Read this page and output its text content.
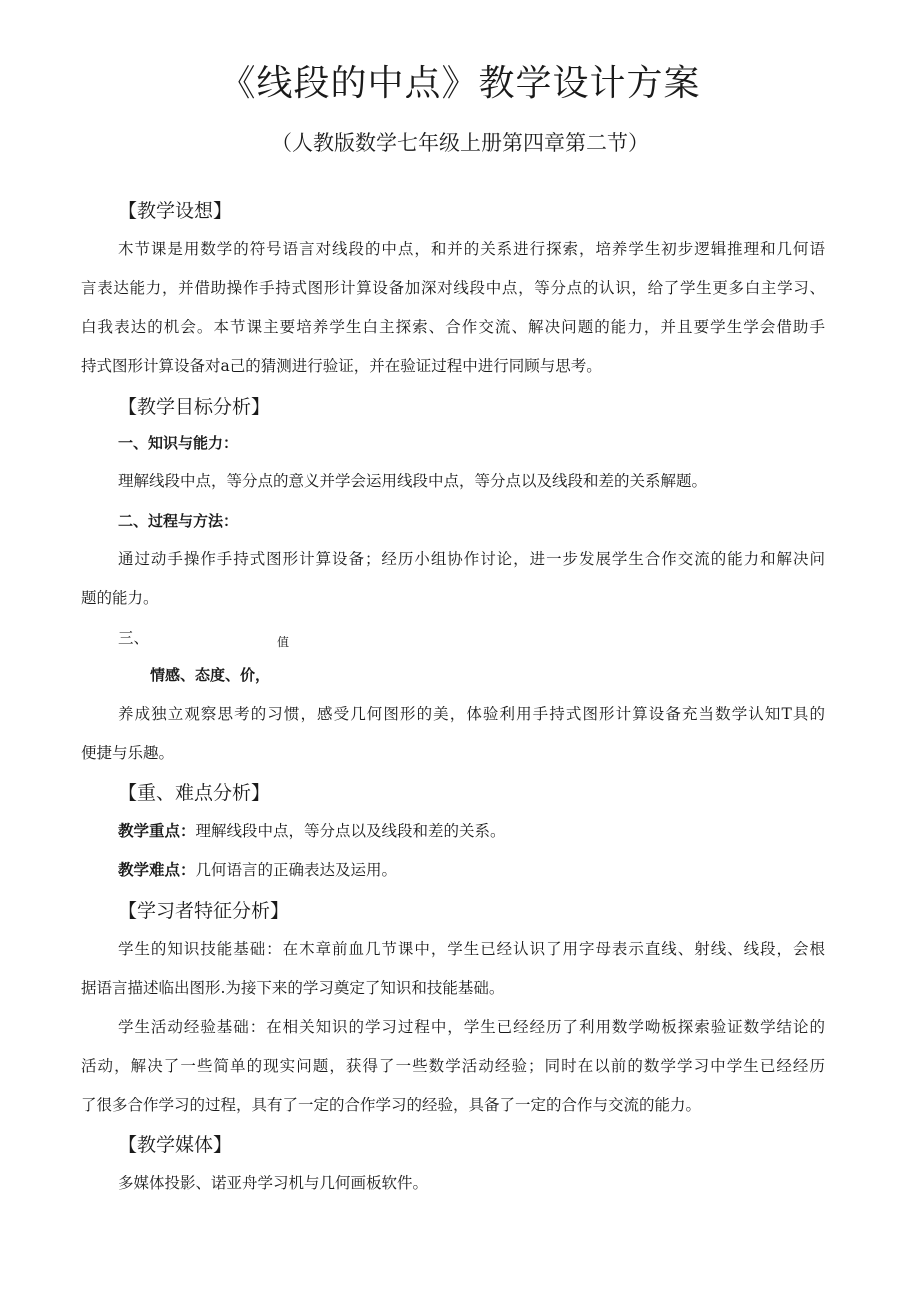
《线段的中点》教学设计方案
（人教版数学七年级上册第四章第二节）
【教学设想】
木节课是用数学的符号语言对线段的中点，和并的关系进行探索，培养学生初步逻辑推理和几何语
言表达能力，并借助操作手持式图形计算设备加深对线段中点，等分点的认识，给了学生更多白主学习、
白我表达的机会。本节课主要培养学生白主探索、合作交流、解决问题的能力，并且要学生学会借助手
持式图形计算设备对a己的猜测进行验证，并在验证过程中进行同顾与思考。
【教学目标分析】
一、知识与能力：
理解线段中点，等分点的意义并学会运用线段中点，等分点以及线段和差的关系解题。
二、过程与方法：
通过动手操作手持式图形计算设备；经历小组协作讨论，进一步发展学生合作交流的能力和解决问
题的能力。
三、	值
情感、态度、价，
养成独立观察思考的习惯，感受几何图形的美，体验利用手持式图形计算设备充当数学认知T具的
便捷与乐趣。
【重、难点分析】
教学重点：理解线段中点，等分点以及线段和差的关系。
教学难点：几何语言的正确表达及运用。
【学习者特征分析】
学生的知识技能基础：在木章前血几节课中，学生已经认识了用字母表示直线、射线、线段，会根
据语言描述临出图形.为接下来的学习奠定了知识和技能基础。
学生活动经验基础：在相关知识的学习过程中，学生已经经历了利用数学呦板探索验证数学结论的
活动，解决了一些简单的现实问题，获得了一些数学活动经验；同时在以前的数学学习中学生已经经历
了很多合作学习的过程，具有了一定的合作学习的经验，具备了一定的合作与交流的能力。
【教学媒体】
多媒体投影、诺亚舟学习机与几何画板软件。
